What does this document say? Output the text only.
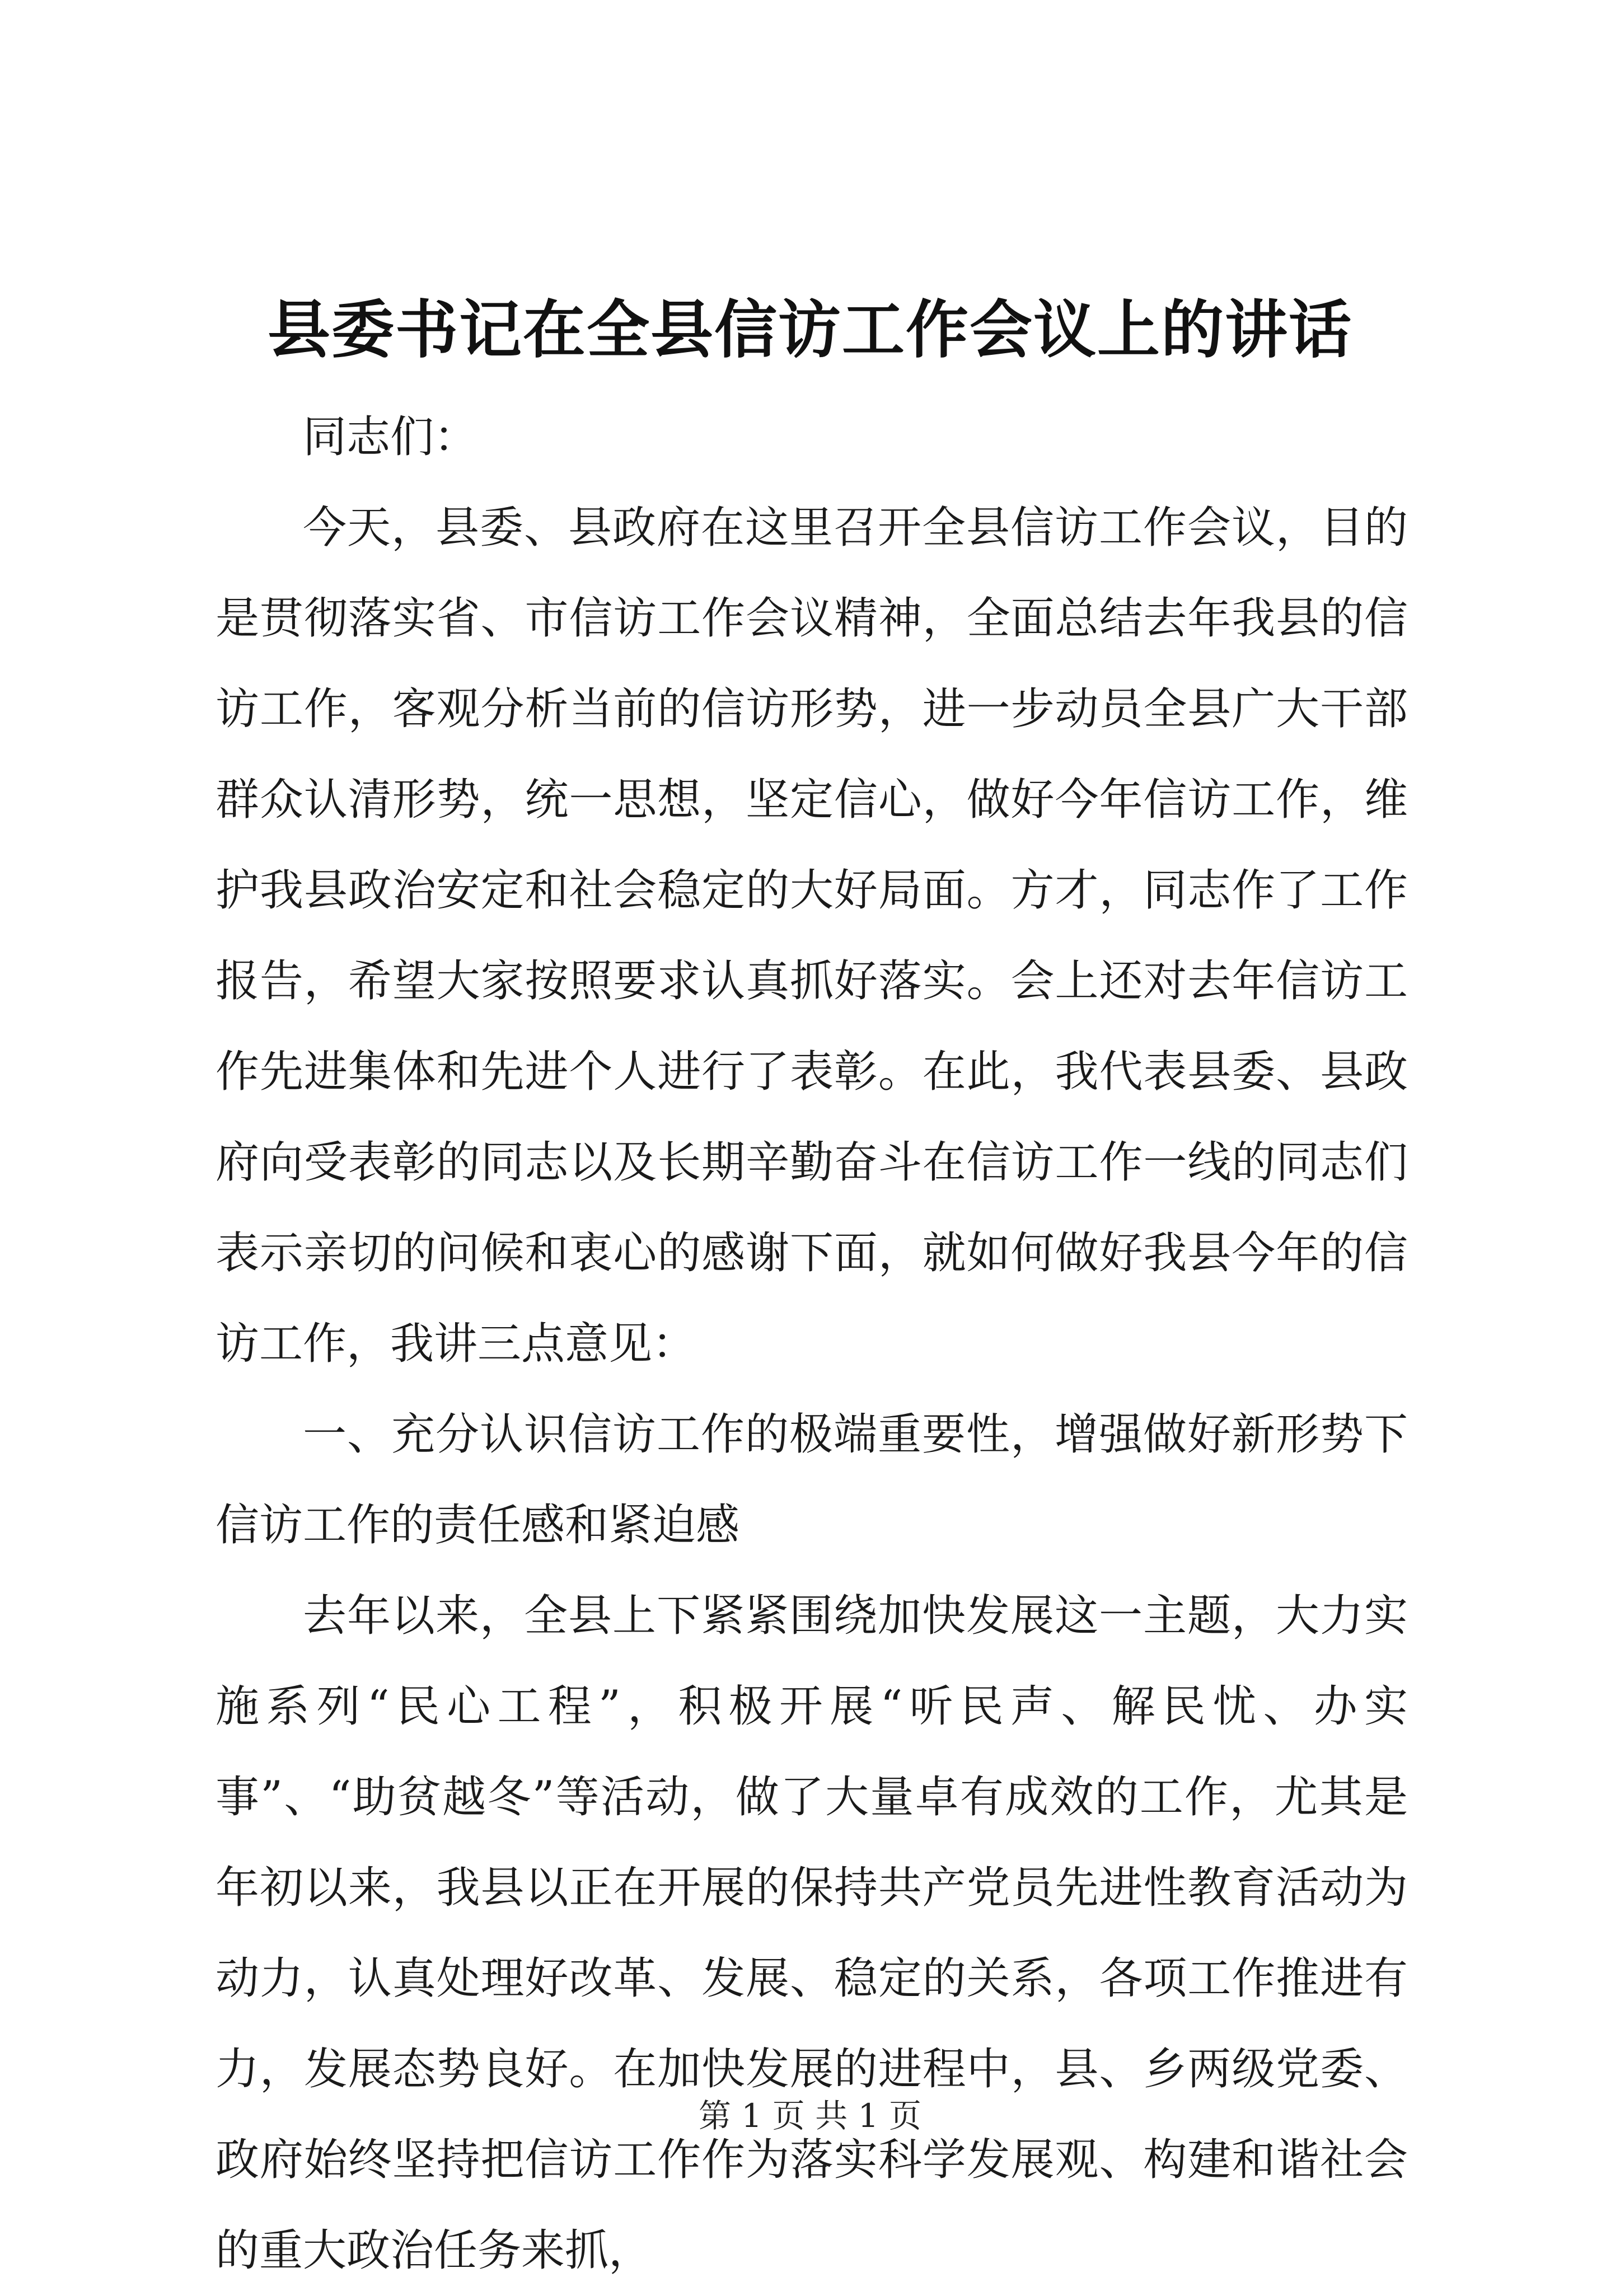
县委书记在全县信访工作会议上的讲话

同志们：

今天，县委、县政府在这里召开全县信访工作会议，目的是贯彻落实省、市信访工作会议精神，全面总结去年我县的信访工作，客观分析当前的信访形势，进一步动员全县广大干部群众认清形势，统一思想，坚定信心，做好今年信访工作，维护我县政治安定和社会稳定的大好局面。方才，同志作了工作报告，希望大家按照要求认真抓好落实。会上还对去年信访工作先进集体和先进个人进行了表彰。在此，我代表县委、县政府向受表彰的同志以及长期辛勤奋斗在信访工作一线的同志们表示亲切的问候和衷心的感谢下面，就如何做好我县今年的信访工作，我讲三点意见：

一、充分认识信访工作的极端重要性，增强做好新形势下信访工作的责任感和紧迫感

去年以来，全县上下紧紧围绕加快发展这一主题，大力实施系列“民心工程”，积极开展“听民声、解民忧、办实事”、“助贫越冬”等活动，做了大量卓有成效的工作，尤其是年初以来，我县以正在开展的保持共产党员先进性教育活动为动力，认真处理好改革、发展、稳定的关系，各项工作推进有力，发展态势良好。在加快发展的进程中，县、乡两级党委、政府始终坚持把信访工作作为落实科学发展观、构建和谐社会的重大政治任务来抓，

第 1 页 共 1 页
